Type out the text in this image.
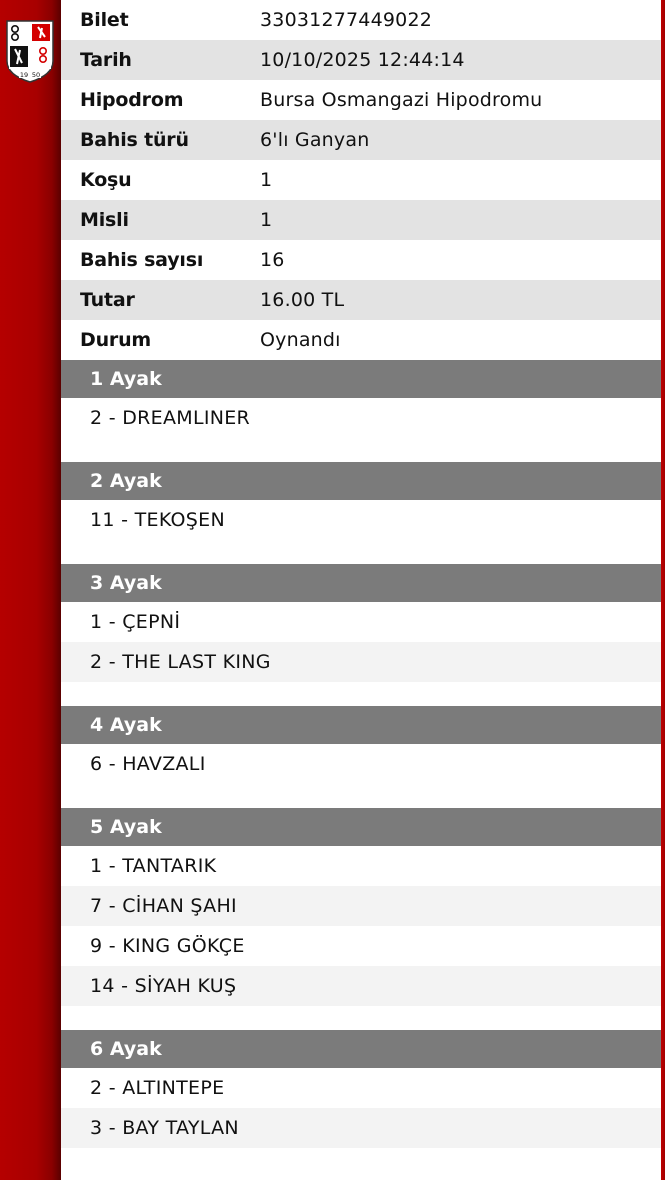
19 50
Bilet	33031277449022
Tarih	10/10/2025 12:44:14
Hipodrom	Bursa Osmangazi Hipodromu
Bahis türü	6'lı Ganyan
Koşu	1
Misli	1
Bahis sayısı	16
Tutar	16.00 TL
Durum	Oynandı
1 Ayak
2 - DREAMLINER
2 Ayak
11 - TEKOŞEN
3 Ayak
1 - ÇEPNİ
2 - THE LAST KING
4 Ayak
6 - HAVZALI
5 Ayak
1 - TANTARIK
7 - CİHAN ŞAHI
9 - KING GÖKÇE
14 - SİYAH KUŞ
6 Ayak
2 - ALTINTEPE
3 - BAY TAYLAN
